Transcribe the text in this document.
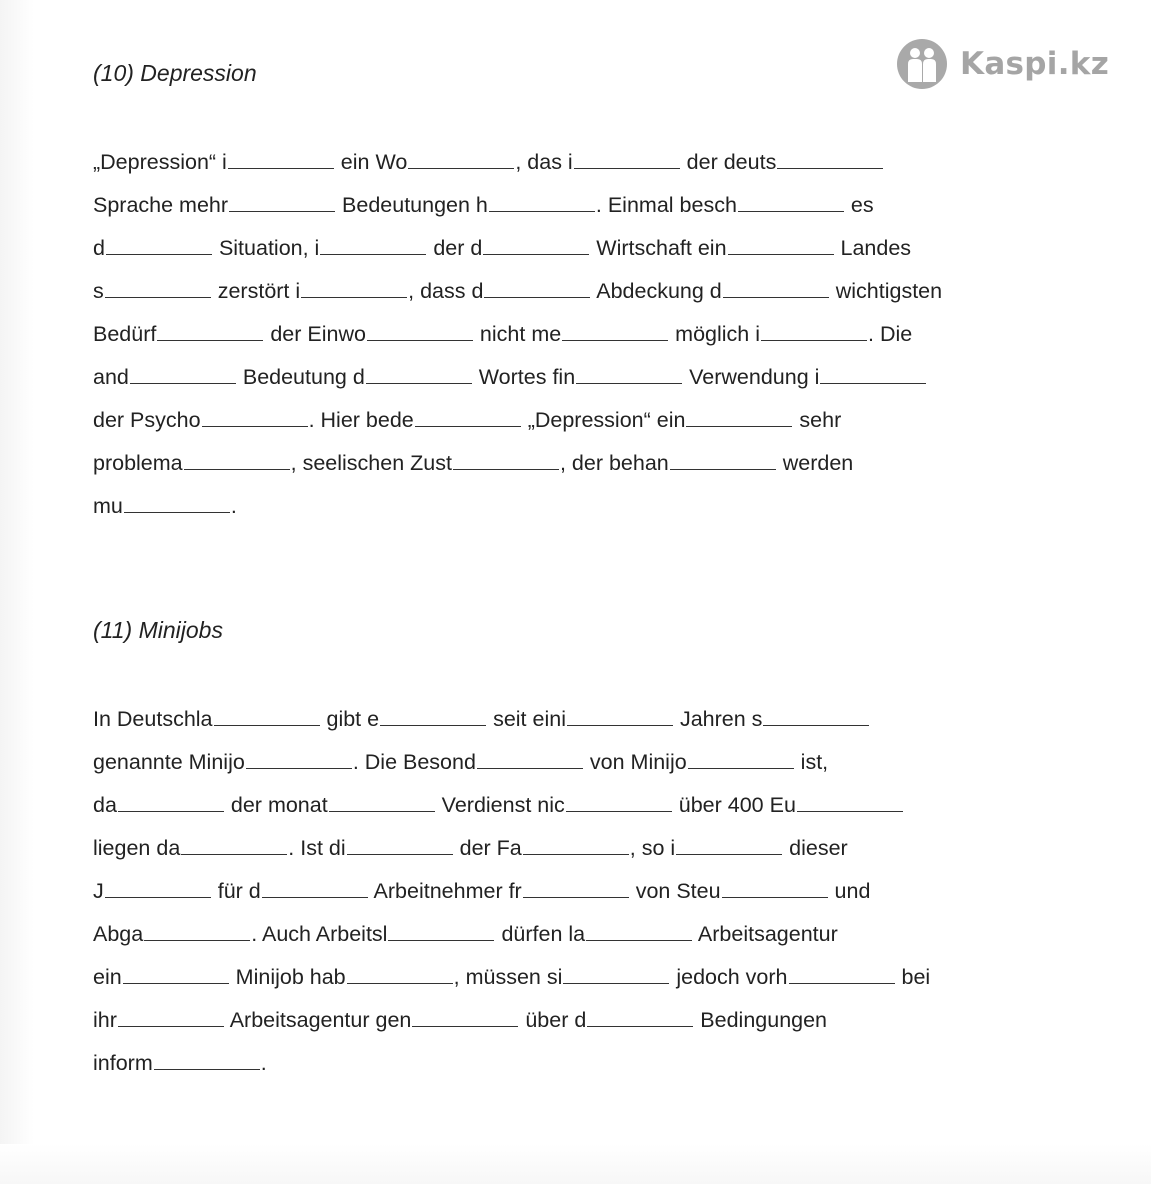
Kaspi.kz
(10) Depression
„Depression“ i	ein Wo	, das i	der deuts
Sprache mehr	Bedeutungen h	. Einmal besch	es
d	Situation, i	der d	Wirtschaft ein	Landes
s	zerstört i	, dass d	Abdeckung d	wichtigsten
Bedürf	der Einwo	nicht me	möglich i	. Die
and	Bedeutung d	Wortes fin	Verwendung i
der Psycho	. Hier bede	„Depression“ ein	sehr
problema	, seelischen Zust	, der behan	werden
mu	.
(11) Minijobs
In Deutschla	gibt e	seit eini	Jahren s
genannte Minijo	. Die Besond	von Minijo	ist,
da	der monat	Verdienst nic	über 400 Eu
liegen da	. Ist di	der Fa	, so i	dieser
J	für d	Arbeitnehmer fr	von Steu	und
Abga	. Auch Arbeitsl	dürfen la	Arbeitsagentur
ein	Minijob hab	, müssen si	jedoch vorh	bei
ihr	Arbeitsagentur gen	über d	Bedingungen
inform	.
